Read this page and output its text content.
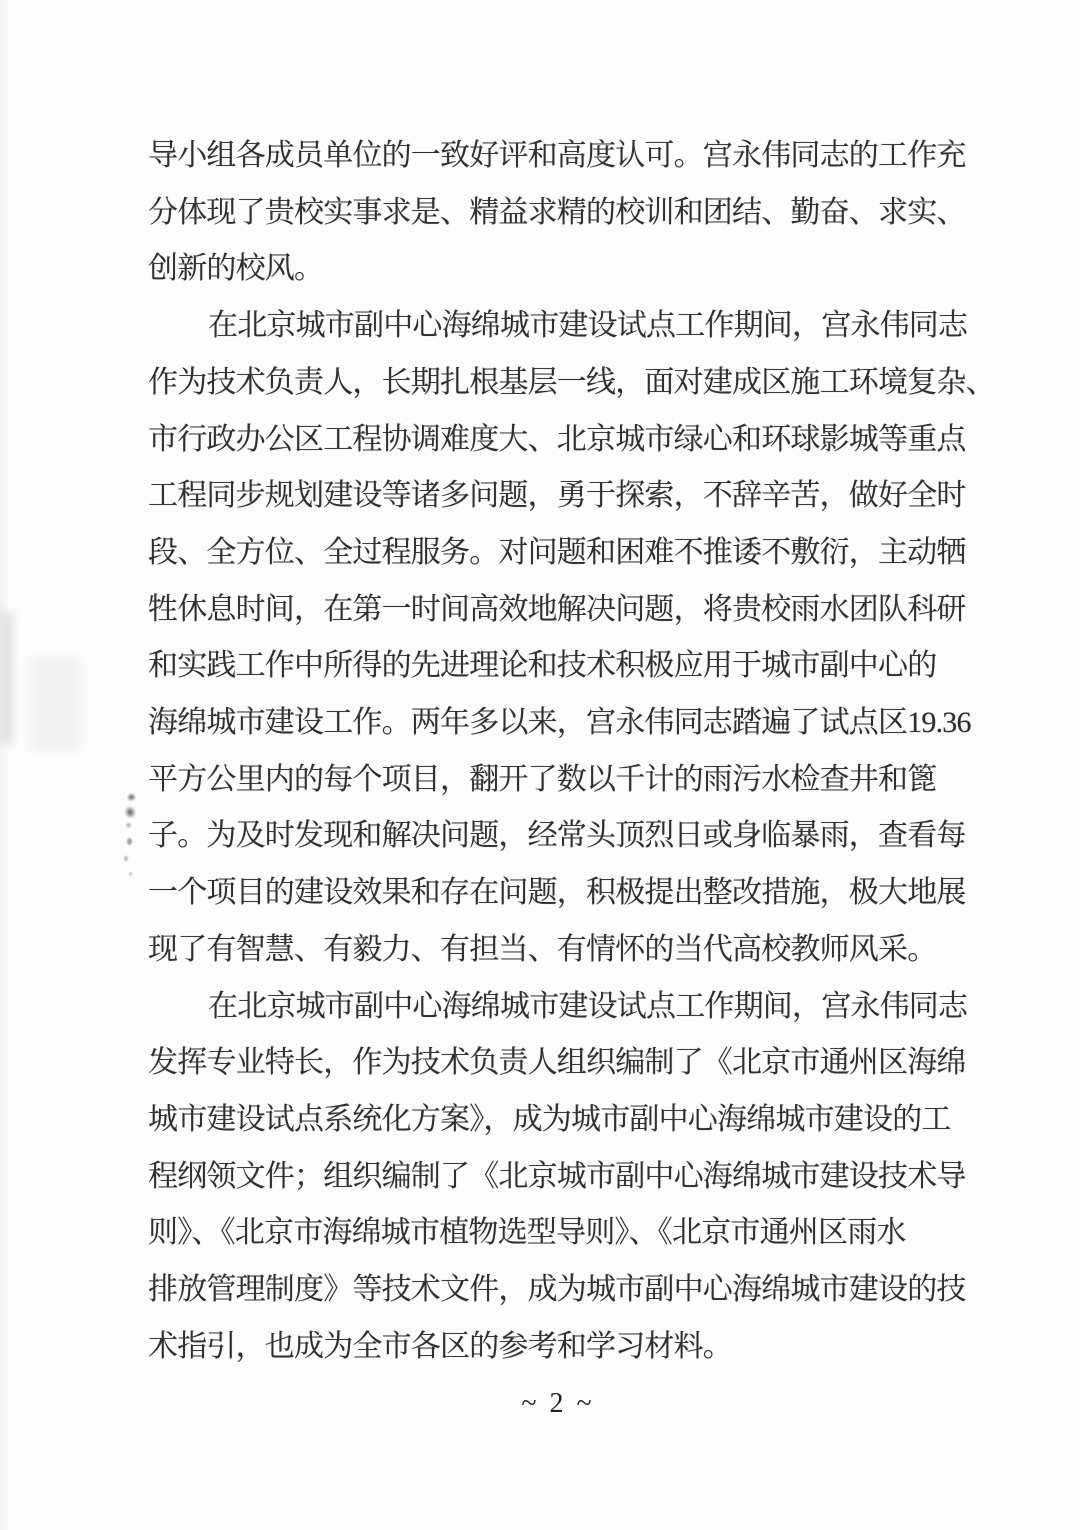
导小组各成员单位的一致好评和高度认可。宫永伟同志的工作充
分体现了贵校实事求是、精益求精的校训和团结、勤奋、求实、
创新的校风。
在北京城市副中心海绵城市建设试点工作期间，宫永伟同志
作为技术负责人，长期扎根基层一线，面对建成区施工环境复杂、
市行政办公区工程协调难度大、北京城市绿心和环球影城等重点
工程同步规划建设等诸多问题，勇于探索，不辞辛苦，做好全时
段、全方位、全过程服务。对问题和困难不推诿不敷衍，主动牺
牲休息时间，在第一时间高效地解决问题，将贵校雨水团队科研
和实践工作中所得的先进理论和技术积极应用于城市副中心的
海绵城市建设工作。两年多以来，宫永伟同志踏遍了试点区19.36
平方公里内的每个项目，翻开了数以千计的雨污水检查井和篦
子。为及时发现和解决问题，经常头顶烈日或身临暴雨，查看每
一个项目的建设效果和存在问题，积极提出整改措施，极大地展
现了有智慧、有毅力、有担当、有情怀的当代高校教师风采。
在北京城市副中心海绵城市建设试点工作期间，宫永伟同志
发挥专业特长，作为技术负责人组织编制了《北京市通州区海绵
城市建设试点系统化方案》，成为城市副中心海绵城市建设的工
程纲领文件；组织编制了《北京城市副中心海绵城市建设技术导
则》、《北京市海绵城市植物选型导则》、《北京市通州区雨水
排放管理制度》等技术文件，成为城市副中心海绵城市建设的技
术指引，也成为全市各区的参考和学习材料。
~ 2 ~
